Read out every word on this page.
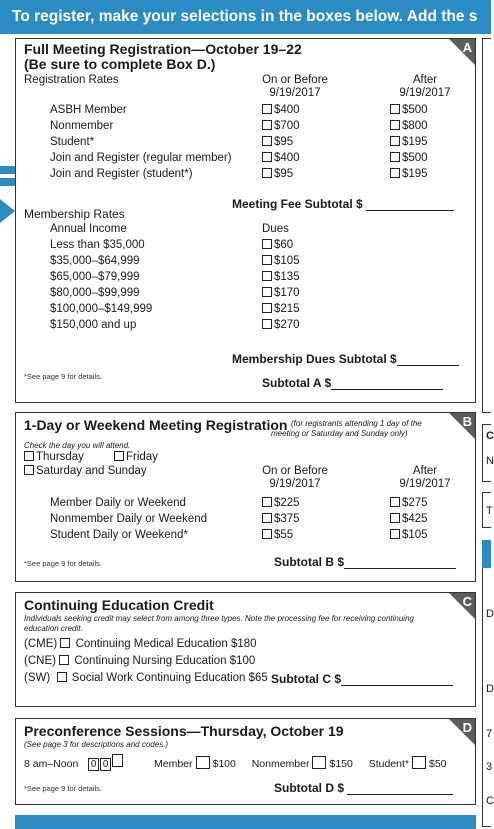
To register, make your selections in the boxes below. Add the s
A
Full Meeting Registration—October 19–22
(Be sure to complete Box D.)
Registration Rates	On or Before
9/19/2017
After
9/19/2017
ASBH Member	$400	$500
Nonmember	$700	$800
Student*	$95	$195
Join and Register (regular member)	$400	$500
Join and Register (student*)	$95	$195
Meeting Fee Subtotal $
Membership Rates
Annual Income	Dues
Less than $35,000	$60
$35,000–$64,999	$105
$65,000–$79,999	$135
$80,000–$99,999	$170
$100,000–$149,999	$215
$150,000 and up	$270
Membership Dues Subtotal $
*See page 9 for details.	Subtotal A $
B
1-Day or Weekend Meeting Registration (for registrants attending 1 day of the
meeting or Saturday and Sunday only)
Check the day you will attend.
Thursday	Friday
Saturday and Sunday	On or Before
9/19/2017
After
9/19/2017
Member Daily or Weekend	$225	$275
Nonmember Daily or Weekend	$375	$425
Student Daily or Weekend*	$55	$105
*See page 9 for details.	Subtotal B $
C
Continuing Education Credit
Individuals seeking credit may select from among three types. Note the processing fee for receiving continuing
education credit.
(CME) Continuing Medical Education $180
(CNE) Continuing Nursing Education $100
(SW) Social Work Continuing Education $65 Subtotal C $
D
Preconference Sessions—Thursday, October 19
(See page 3 for descriptions and codes.)
8 am–Noon 0 0	Member $100 Nonmember $150 Student* $50
*See page 9 for details.	Subtotal D $
C
N
T
D
D
7
3
C
